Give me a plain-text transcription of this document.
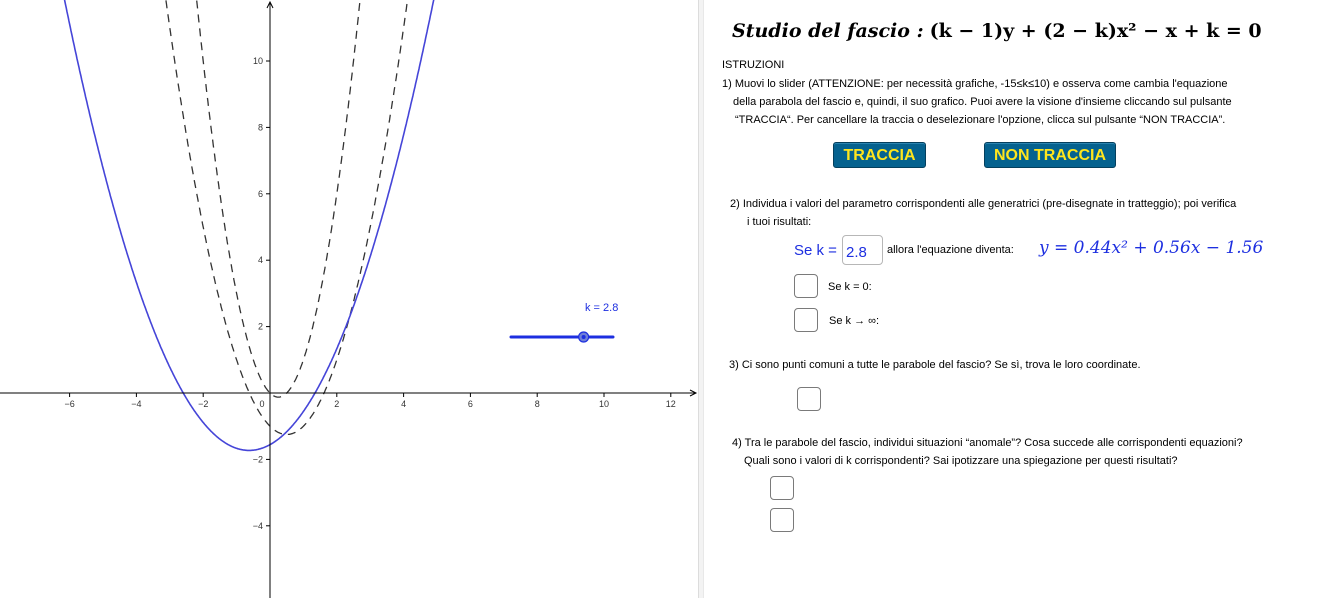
−6	−4	−2	0	2	4	6	8	10	12
10
8
6
4
2
−2
−4
k = 2.8
Studio del fascio : (k − 1)y + (2 − k)x² − x + k = 0
ISTRUZIONI
1) Muovi lo slider (ATTENZIONE: per necessità grafiche, -15≤k≤10) e osserva come cambia l'equazione
della parabola del fascio e, quindi, il suo grafico. Puoi avere la visione d'insieme cliccando sul pulsante
“TRACCIA“. Per cancellare la traccia o deselezionare l'opzione, clicca sul pulsante “NON TRACCIA”.
TRACCIA	NON TRACCIA
2) Individua i valori del parametro corrispondenti alle generatrici (pre-disegnate in tratteggio); poi verifica
i tuoi risultati:
Se k =
2.8	allora l'equazione diventa: y = 0.44x² + 0.56x − 1.56
Se k = 0:
Se k → ∞:
3) Ci sono punti comuni a tutte le parabole del fascio? Se sì, trova le loro coordinate.
4) Tra le parabole del fascio, individui situazioni “anomale”? Cosa succede alle corrispondenti equazioni?
Quali sono i valori di k corrispondenti? Sai ipotizzare una spiegazione per questi risultati?
